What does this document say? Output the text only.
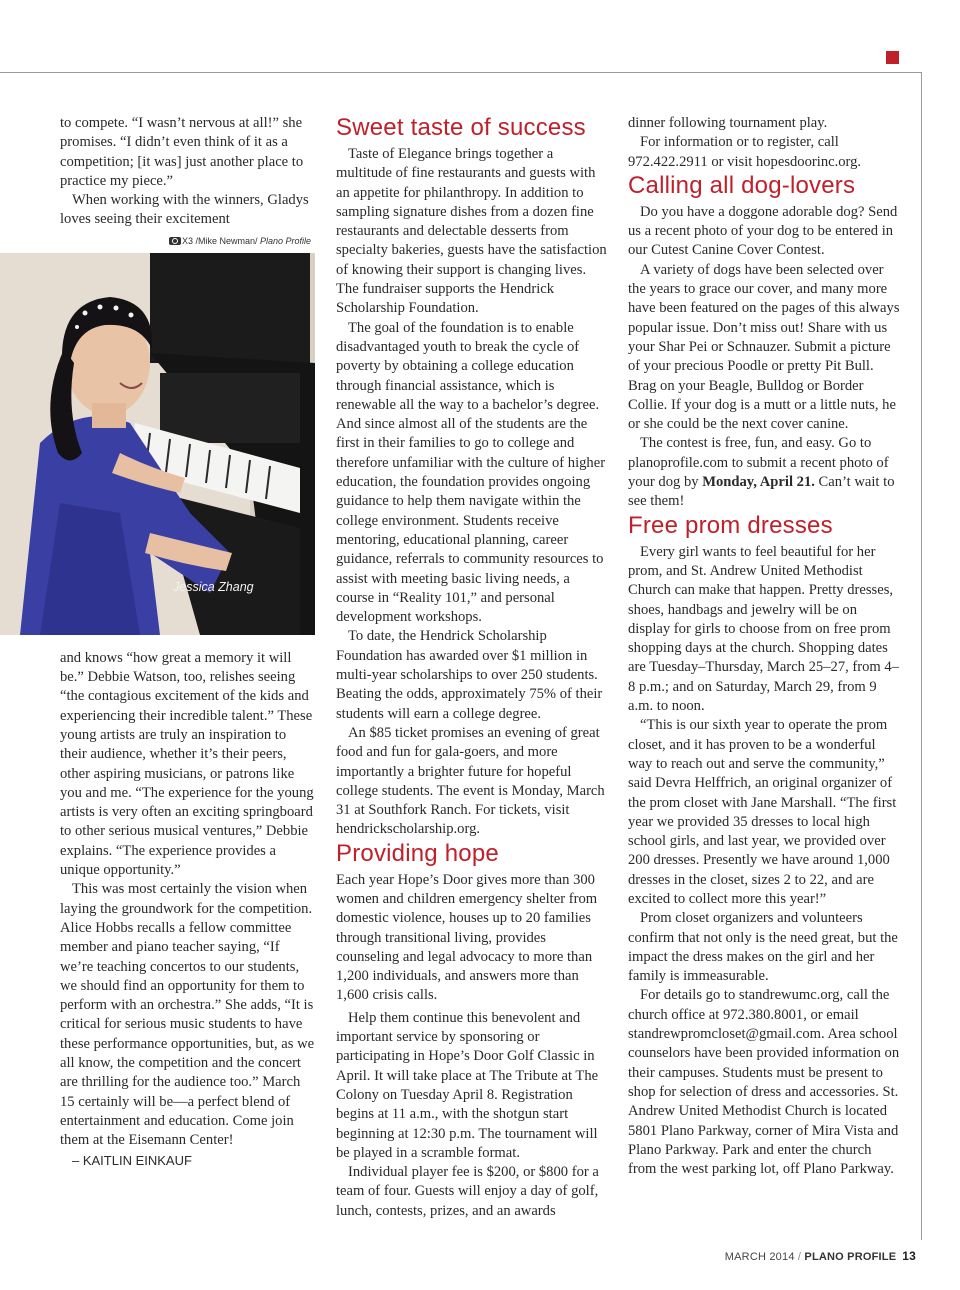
to compete. “I wasn’t nervous at all!” she promises. “I didn’t even think of it as a competition; [it was] just another place to practice my piece.”

When working with the winners, Gladys loves seeing their excitement

X3 /Mike Newman/ Plano Profile
Jessica Zhang

and knows “how great a memory it will be.” Debbie Watson, too, relishes seeing “the contagious excitement of the kids and experiencing their incredible talent.” These young artists are truly an inspiration to their audience, whether it’s their peers, other aspiring musicians, or patrons like you and me. “The experience for the young artists is very often an exciting springboard to other serious musical ventures,” Debbie explains. “The experience provides a unique opportunity.”

This was most certainly the vision when laying the groundwork for the competition. Alice Hobbs recalls a fellow committee member and piano teacher saying, “If we’re teaching concertos to our students, we should find an opportunity for them to perform with an orchestra.” She adds, “It is critical for serious music students to have these performance opportunities, but, as we all know, the competition and the concert are thrilling for the audience too.” March 15 certainly will be—a perfect blend of entertainment and education. Come join them at the Eisemann Center!

– KAITLIN EINKAUF

Sweet taste of success

Taste of Elegance brings together a multitude of fine restaurants and guests with an appetite for philanthropy. In addition to sampling signature dishes from a dozen fine restaurants and delectable desserts from specialty bakeries, guests have the satisfaction of knowing their support is changing lives. The fundraiser supports the Hendrick Scholarship Foundation.

The goal of the foundation is to enable disadvantaged youth to break the cycle of poverty by obtaining a college education through financial assistance, which is renewable all the way to a bachelor’s degree. And since almost all of the students are the first in their families to go to college and therefore unfamiliar with the culture of higher education, the foundation provides ongoing guidance to help them navigate within the college environment. Students receive mentoring, educational planning, career guidance, referrals to community resources to assist with meeting basic living needs, a course in “Reality 101,” and personal development workshops.

To date, the Hendrick Scholarship Foundation has awarded over $1 million in multi-year scholarships to over 250 students. Beating the odds, approximately 75% of their students will earn a college degree.

An $85 ticket promises an evening of great food and fun for gala-goers, and more importantly a brighter future for hopeful college students. The event is Monday, March 31 at Southfork Ranch. For tickets, visit hendrickscholarship.org.

Providing hope

Each year Hope’s Door gives more than 300 women and children emergency shelter from domestic violence, houses up to 20 families through transitional living, provides counseling and legal advocacy to more than 1,200 individuals, and answers more than 1,600 crisis calls.

Help them continue this benevolent and important service by sponsoring or participating in Hope’s Door Golf Classic in April. It will take place at The Tribute at The Colony on Tuesday April 8. Registration begins at 11 a.m., with the shotgun start beginning at 12:30 p.m. The tournament will be played in a scramble format.

Individual player fee is $200, or $800 for a team of four. Guests will enjoy a day of golf, lunch, contests, prizes, and an awards

dinner following tournament play.

For information or to register, call 972.422.2911 or visit hopesdoorinc.org.

Calling all dog-lovers

Do you have a doggone adorable dog? Send us a recent photo of your dog to be entered in our Cutest Canine Cover Contest.

A variety of dogs have been selected over the years to grace our cover, and many more have been featured on the pages of this always popular issue. Don’t miss out! Share with us your Shar Pei or Schnauzer. Submit a picture of your precious Poodle or pretty Pit Bull. Brag on your Beagle, Bulldog or Border Collie. If your dog is a mutt or a little nuts, he or she could be the next cover canine.

The contest is free, fun, and easy. Go to planoprofile.com to submit a recent photo of your dog by Monday, April 21. Can’t wait to see them!

Free prom dresses

Every girl wants to feel beautiful for her prom, and St. Andrew United Methodist Church can make that happen. Pretty dresses, shoes, handbags and jewelry will be on display for girls to choose from on free prom shopping days at the church. Shopping dates are Tuesday–Thursday, March 25–27, from 4–8 p.m.; and on Saturday, March 29, from 9 a.m. to noon.

“This is our sixth year to operate the prom closet, and it has proven to be a wonderful way to reach out and serve the community,” said Devra Helffrich, an original organizer of the prom closet with Jane Marshall. “The first year we provided 35 dresses to local high school girls, and last year, we provided over 200 dresses. Presently we have around 1,000 dresses in the closet, sizes 2 to 22, and are excited to collect more this year!”

Prom closet organizers and volunteers confirm that not only is the need great, but the impact the dress makes on the girl and her family is immeasurable.

For details go to standrewumc.org, call the church office at 972.380.8001, or email standrewpromcloset@gmail.com. Area school counselors have been provided information on their campuses. Students must be present to shop for selection of dress and accessories. St. Andrew United Methodist Church is located 5801 Plano Parkway, corner of Mira Vista and Plano Parkway. Park and enter the church from the west parking lot, off Plano Parkway.

MARCH 2014 / PLANO PROFILE 13
